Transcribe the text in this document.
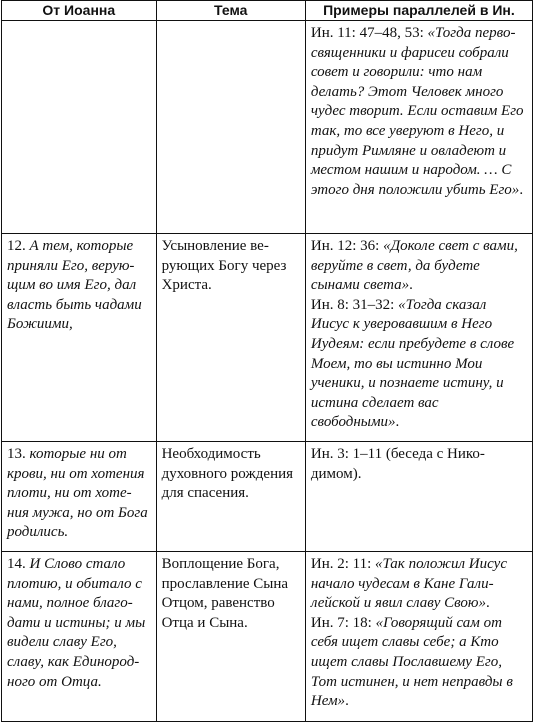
От Иоанна	Тема	Примеры параллелей в Ин.
		Ин. 11: 47–48, 53: «Тогда перво-священники и фарисеи собрали совет и говорили: что нам делать? Этот Человек много чудес творит. Если оставим Его так, то все уверуют в Него, и придут Римляне и овладеют и местом нашим и народом. … С этого дня положили убить Его».
12. А тем, которые приняли Его, верую-щим во имя Его, дал власть быть чадами Божиими,	Усыновление ве-рующих Богу через Христа.	Ин. 12: 36: «Доколе свет с вами, веруйте в свет, да будете сынами света».
Ин. 8: 31–32: «Тогда сказал Иисус к уверовавшим в Него Иудеям: если пребудете в слове Моем, то вы истинно Мои ученики, и познаете истину, и истина сделает вас свободными».
13. которые ни от крови, ни от хотения плоти, ни от хоте-ния мужа, но от Бога родились.	Необходимость духовного рождения для спасения.	Ин. 3: 1–11 (беседа с Нико-димом).
14. И Слово стало плотию, и обитало с нами, полное благо-дати и истины; и мы видели славу Его, славу, как Единород-ного от Отца.	Воплощение Бога, прославление Сына Отцом, равенство Отца и Сына.	Ин. 2: 11: «Так положил Иисус начало чудесам в Кане Гали-лейской и явил славу Свою».
Ин. 7: 18: «Говорящий сам от себя ищет славы себе; а Кто ищет славы Пославшему Его, Тот истинен, и нет неправды в Нем».
